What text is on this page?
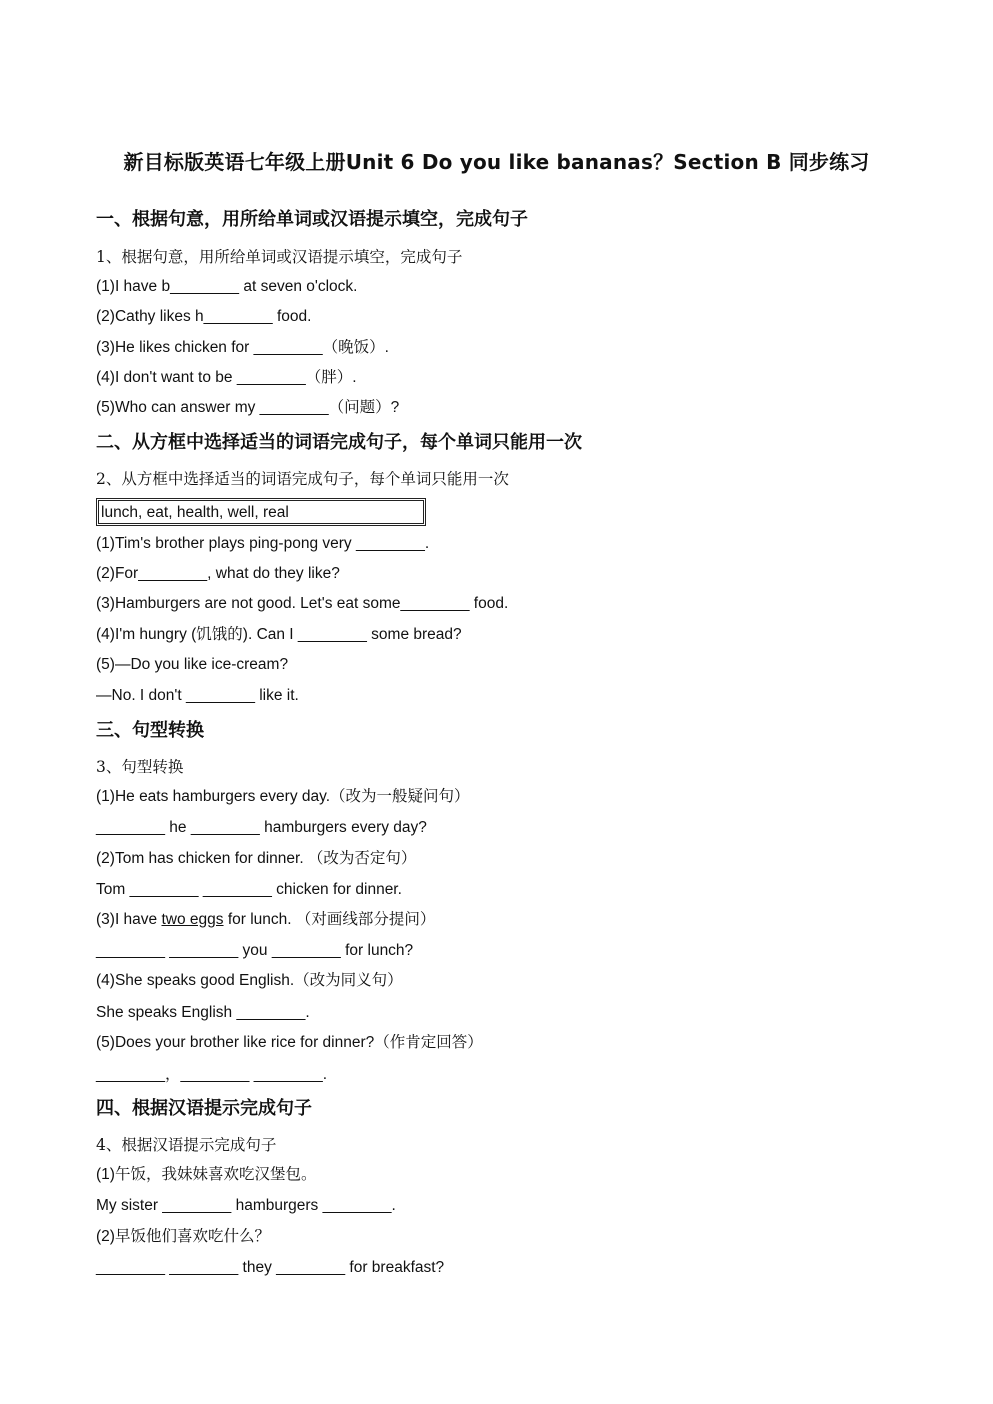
新目标版英语七年级上册Unit 6 Do you like bananas？Section B 同步练习
一、根据句意，用所给单词或汉语提示填空，完成句子
1、根据句意，用所给单词或汉语提示填空，完成句子
(1)I have b________ at seven o'clock.
(2)Cathy likes h________ food.
(3)He likes chicken for ________（晚饭）.
(4)I don't want to be ________（胖）.
(5)Who can answer my ________（问题）?
二、从方框中选择适当的词语完成句子，每个单词只能用一次
2、从方框中选择适当的词语完成句子，每个单词只能用一次
lunch, eat, health, well, real
(1)Tim's brother plays ping-pong very ________.
(2)For________, what do they like?
(3)Hamburgers are not good. Let's eat some________ food.
(4)I'm hungry (饥饿的). Can I ________ some bread?
(5)—Do you like ice-cream?
—No. I don't ________ like it.
三、句型转换
3、句型转换
(1)He eats hamburgers every day.（改为一般疑问句）
________ he ________ hamburgers every day?
(2)Tom has chicken for dinner. （改为否定句）
Tom ________ ________ chicken for dinner.
(3)I have two eggs for lunch. （对画线部分提问）
________ ________ you ________ for lunch?
(4)She speaks good English.（改为同义句）
She speaks English ________.
(5)Does your brother like rice for dinner?（作肯定回答）
________，________ ________.
四、根据汉语提示完成句子
4、根据汉语提示完成句子
(1)午饭，我妹妹喜欢吃汉堡包。
My sister ________ hamburgers ________.
(2)早饭他们喜欢吃什么？
________ ________ they ________ for breakfast?
